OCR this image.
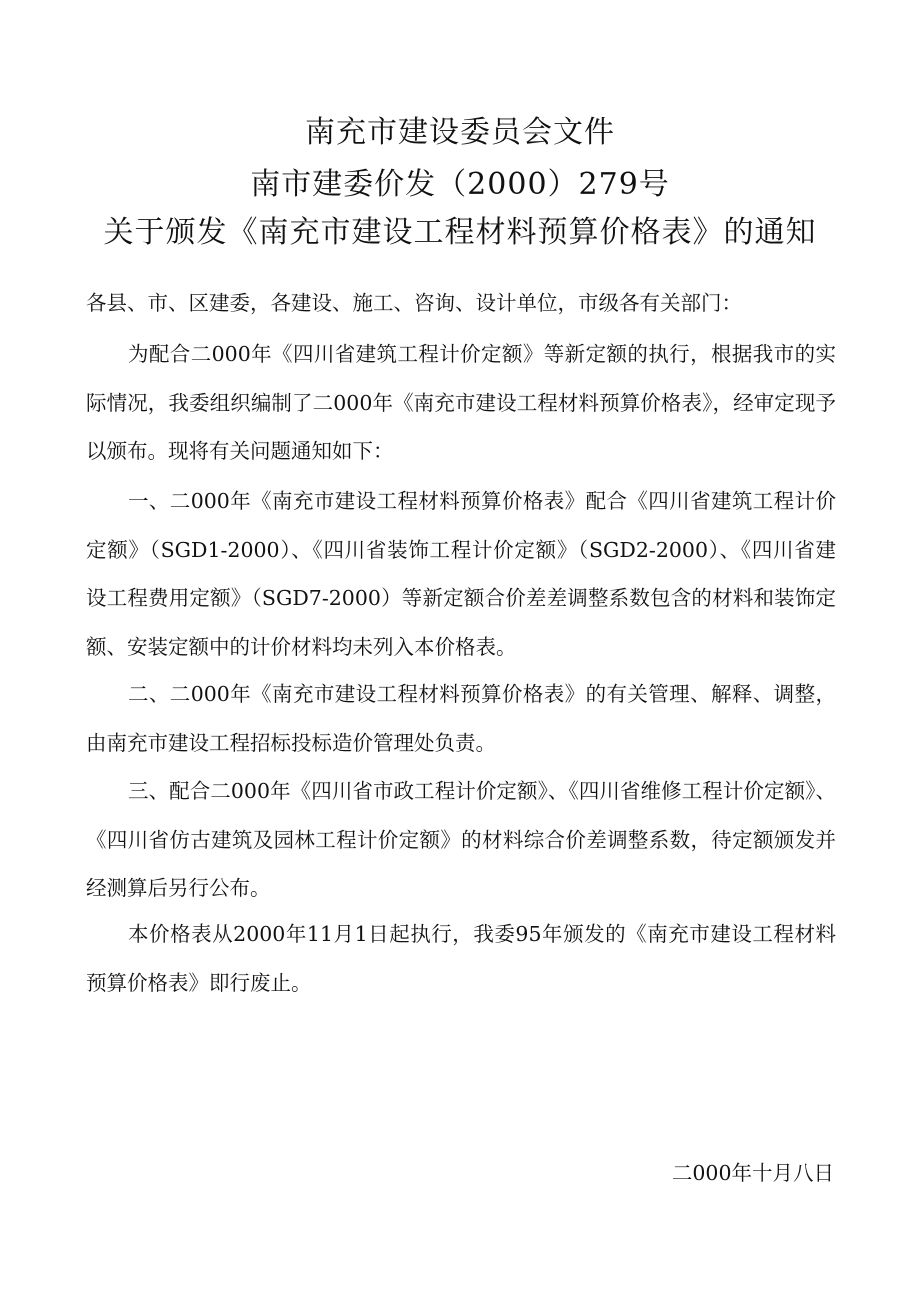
南充市建设委员会文件
南市建委价发（2000）279号
关于颁发《南充市建设工程材料预算价格表》的通知
各县、市、区建委，各建设、施工、咨询、设计单位，市级各有关部门：

为配合二000年《四川省建筑工程计价定额》等新定额的执行，根据我市的实际情况，我委组织编制了二000年《南充市建设工程材料预算价格表》，经审定现予以颁布。现将有关问题通知如下：

一、二000年《南充市建设工程材料预算价格表》配合《四川省建筑工程计价定额》（SGD1-2000）、《四川省装饰工程计价定额》（SGD2-2000）、《四川省建设工程费用定额》（SGD7-2000）等新定额合价差差调整系数包含的材料和装饰定额、安装定额中的计价材料均未列入本价格表。

二、二000年《南充市建设工程材料预算价格表》的有关管理、解释、调整，由南充市建设工程招标投标造价管理处负责。

三、配合二000年《四川省市政工程计价定额》、《四川省维修工程计价定额》、《四川省仿古建筑及园林工程计价定额》的材料综合价差调整系数，待定额颁发并经测算后另行公布。

本价格表从2000年11月1日起执行，我委95年颁发的《南充市建设工程材料预算价格表》即行废止。

二000年十月八日
